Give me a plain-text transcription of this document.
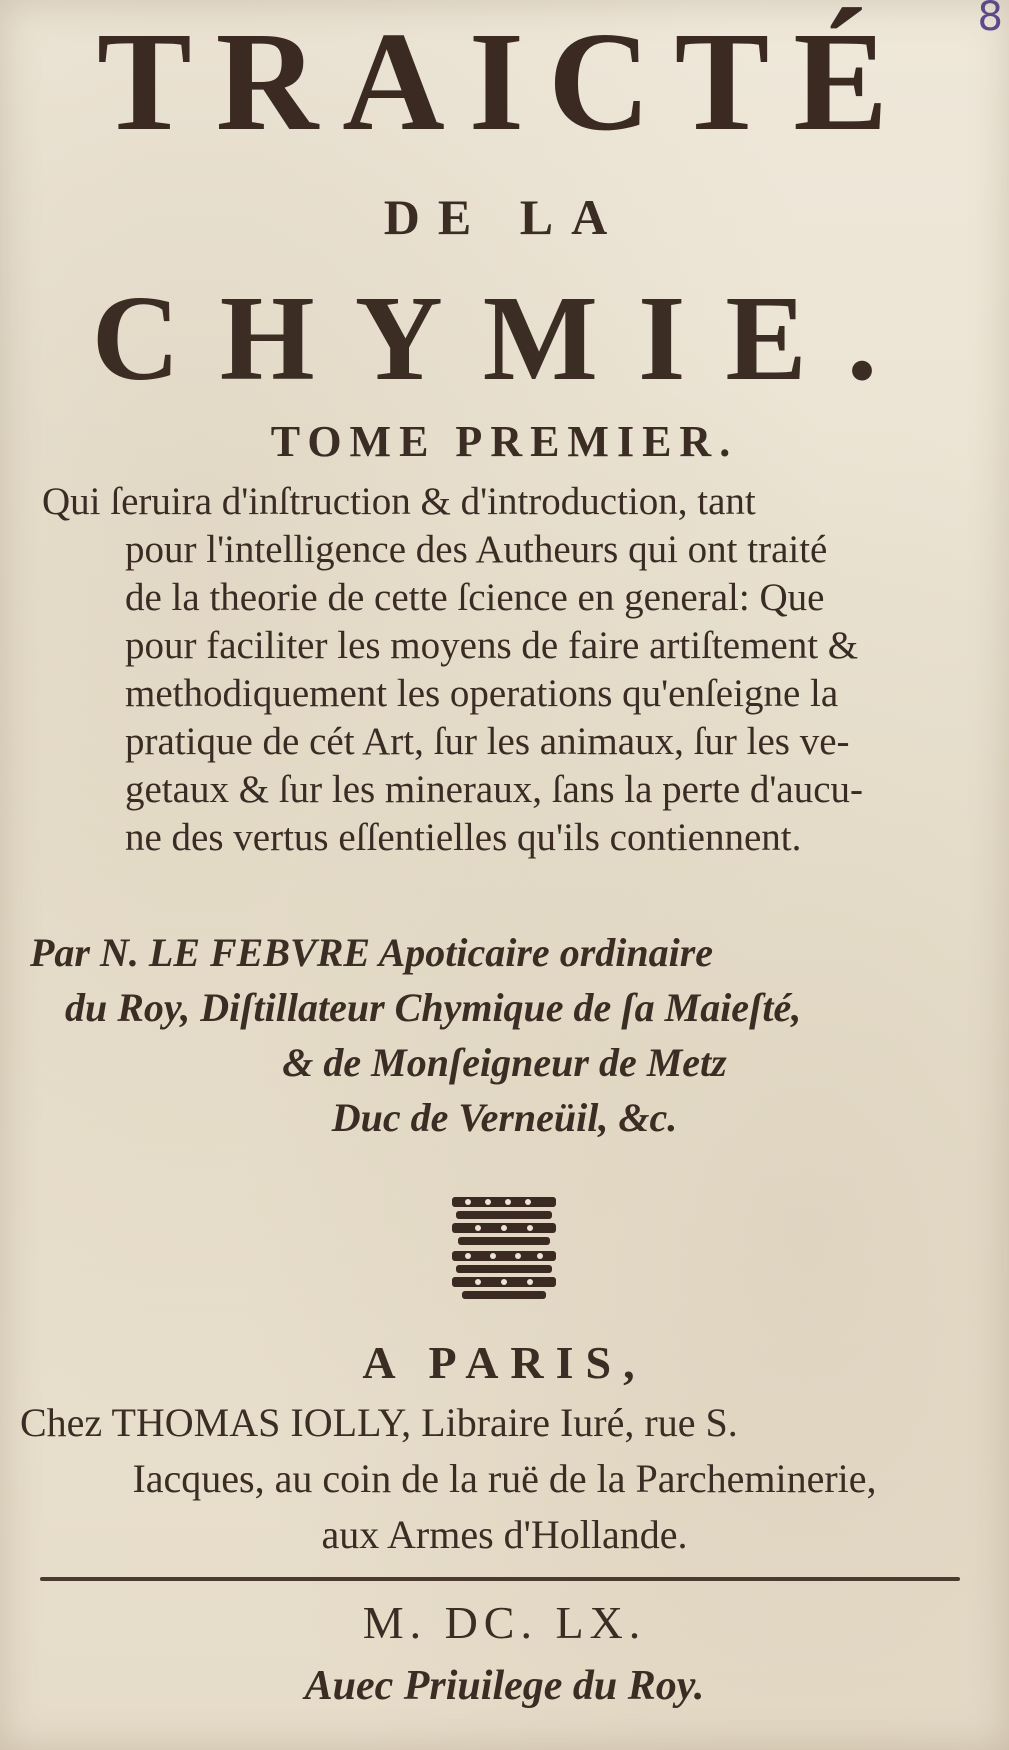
8
TRAICTÉ
DE LA
CHYMIE.
TOME PREMIER.
Qui ſeruira d'inſtruction & d'introduction, tant
pour l'intelligence des Autheurs qui ont traité
de la theorie de cette ſcience en general: Que
pour faciliter les moyens de faire artiſtement &
methodiquement les operations qu'enſeigne la
pratique de cét Art, ſur les animaux, ſur les ve-
getaux & ſur les mineraux, ſans la perte d'aucu-
ne des vertus eſſentielles qu'ils contiennent.
Par N. LE FEBVRE Apoticaire ordinaire
du Roy, Diſtillateur Chymique de ſa Maieſté,
& de Monſeigneur de Metz
Duc de Verneüil, &c.
A PARIS,
Chez THOMAS IOLLY, Libraire Iuré, rue S.
Iacques, au coin de la ruë de la Parcheminerie,
aux Armes d'Hollande.
M. DC. LX.
Auec Priuilege du Roy.
